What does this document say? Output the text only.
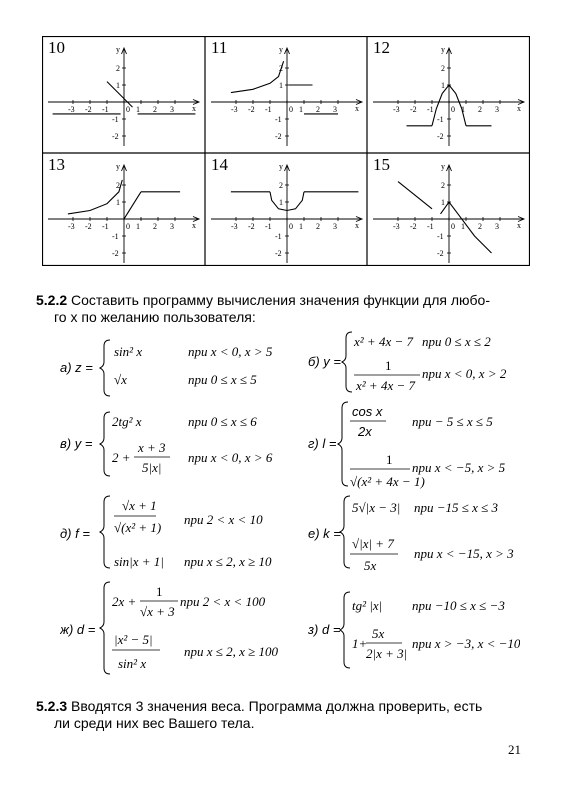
10
x
y
-3 -2 -1 0 1 2 3
2
1
-1
-2
11
x
y
-3 -2 -1 0 1 2 3
2
1
-1
-2
12
x
y
-3 -2 -1 0 1 2 3
2
1
-1
-2
13
x
y
-3 -2 -1 0 1 2 3
2
1
-1
-2
14
x
y
-3 -2 -1 0 1 2 3
2
1
-1
-2
15
x
y
-3 -2 -1 0 1 2 3
2
1
-1
-2
5.2.2 Составить программу вычисления значения функции для любо-
го x по желанию пользователя:
а) z =
sin² x	при x < 0, x > 5
√x	при 0 ≤ x ≤ 5
б) y =
x² + 4x − 7 при 0 ≤ x ≤ 2
1
x² + 4x − 7
при x < 0, x > 2
в) y =
2tg² x	при 0 ≤ x ≤ 6
2 +
x + 3
5|x|
при x < 0, x > 6
г) l =
cos x
2x
при − 5 ≤ x ≤ 5
1
√(x² + 4x − 1)
при x < −5, x > 5
д) f =
√x + 1
√(x² + 1)
при 2 < x < 10
sin|x + 1| при x ≤ 2, x ≥ 10
е) k =
5√|x − 3| при −15 ≤ x ≤ 3
√|x| + 7
5x
при x < −15, x > 3
ж) d =
2x +
1
√x + 3
при 2 < x < 100
|x² − 5|
sin² x
при x ≤ 2, x ≥ 100
з) d =
tg² |x| при −10 ≤ x ≤ −3
1+
5x
2|x + 3|
при x > −3, x < −10
5.2.3 Вводятся 3 значения веса. Программа должна проверить, есть
ли среди них вес Вашего тела.
21
